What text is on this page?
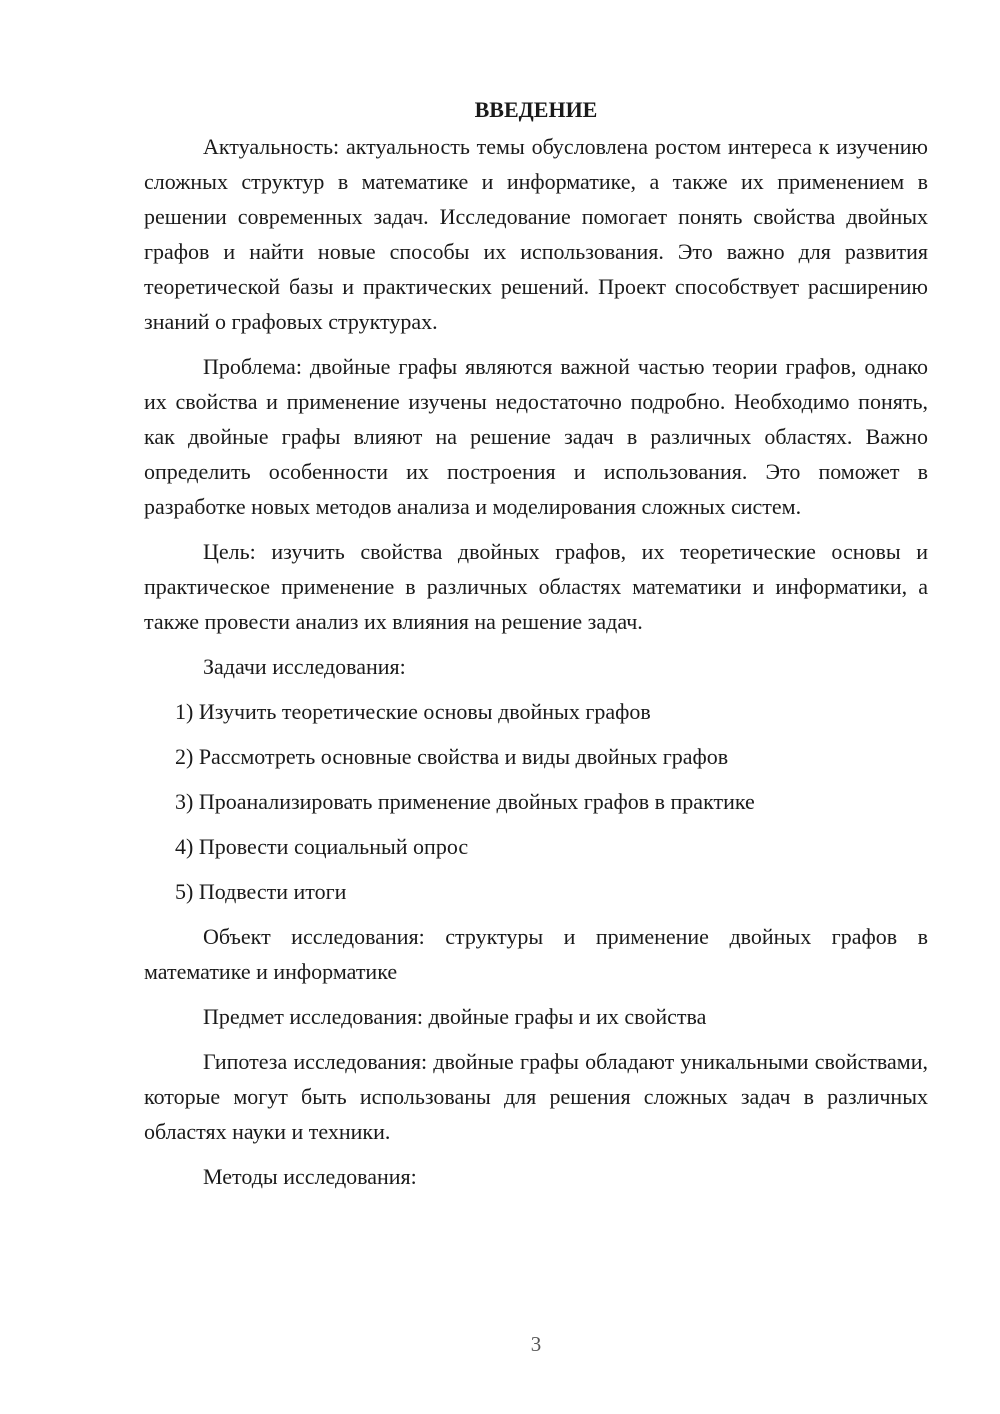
ВВЕДЕНИЕ

Актуальность: актуальность темы обусловлена ростом интереса к изучению сложных структур в математике и информатике, а также их применением в решении современных задач. Исследование помогает понять свойства двойных графов и найти новые способы их использования. Это важно для развития теоретической базы и практических решений. Проект способствует расширению знаний о графовых структурах.

Проблема: двойные графы являются важной частью теории графов, однако их свойства и применение изучены недостаточно подробно. Необходимо понять, как двойные графы влияют на решение задач в различных областях. Важно определить особенности их построения и использования. Это поможет в разработке новых методов анализа и моделирования сложных систем.

Цель: изучить свойства двойных графов, их теоретические основы и практическое применение в различных областях математики и информатики, а также провести анализ их влияния на решение задач.

Задачи исследования:

1) Изучить теоретические основы двойных графов
2) Рассмотреть основные свойства и виды двойных графов
3) Проанализировать применение двойных графов в практике
4) Провести социальный опрос
5) Подвести итоги

Объект исследования: структуры и применение двойных графов в математике и информатике

Предмет исследования: двойные графы и их свойства

Гипотеза исследования: двойные графы обладают уникальными свойствами, которые могут быть использованы для решения сложных задач в различных областях науки и техники.

Методы исследования:

3
